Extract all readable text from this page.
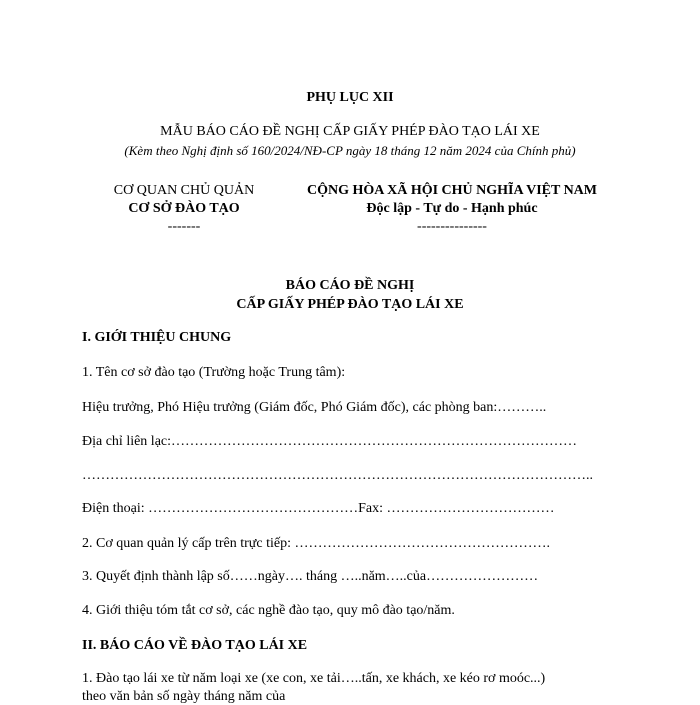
PHỤ LỤC XII
MẪU BÁO CÁO ĐỀ NGHỊ CẤP GIẤY PHÉP ĐÀO TẠO LÁI XE
(Kèm theo Nghị định số 160/2024/NĐ-CP ngày 18 tháng 12 năm 2024 của Chính phủ)
CƠ QUAN CHỦ QUẢN
CƠ SỞ ĐÀO TẠO
-------
CỘNG HÒA XÃ HỘI CHỦ NGHĨA VIỆT NAM
Độc lập - Tự do - Hạnh phúc
---------------
BÁO CÁO ĐỀ NGHỊ
CẤP GIẤY PHÉP ĐÀO TẠO LÁI XE
I. GIỚI THIỆU CHUNG
1. Tên cơ sở đào tạo (Trường hoặc Trung tâm):
Hiệu trưởng, Phó Hiệu trưởng (Giám đốc, Phó Giám đốc), các phòng ban:………..
Địa chỉ liên lạc:……………………………………………………………………………
………………………………………………………………………………………………..
Điện thoại: ………………………………………Fax: ………………………………
2. Cơ quan quản lý cấp trên trực tiếp: ……………………………………………….
3. Quyết định thành lập số……ngày…. tháng …..năm…..của……………………
4. Giới thiệu tóm tắt cơ sở, các nghề đào tạo, quy mô đào tạo/năm.
II. BÁO CÁO VỀ ĐÀO TẠO LÁI XE
1. Đào tạo lái xe từ năm loại xe (xe con, xe tải…..tấn, xe khách, xe kéo rơ moóc...)
theo văn bản số ngày tháng năm của
